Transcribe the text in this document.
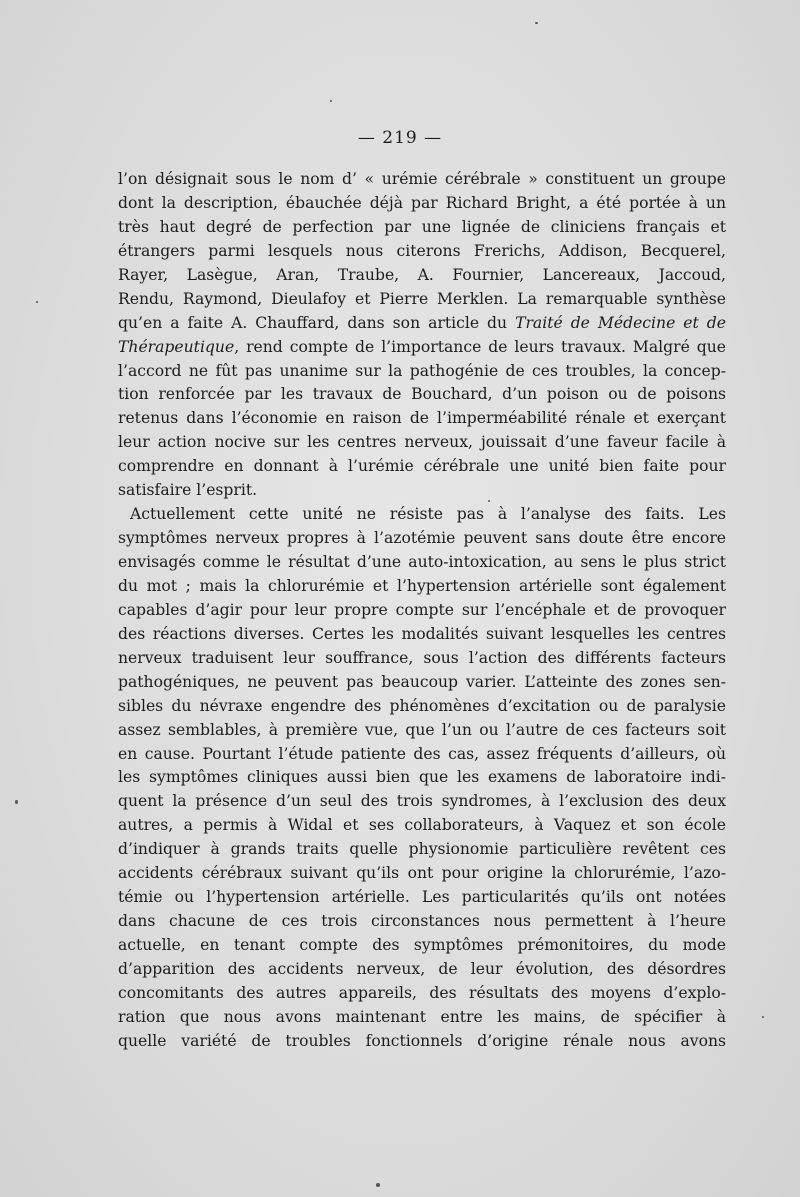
— 219 —
l’on désignait sous le nom d’ « urémie cérébrale » constituent un groupe
dont la description, ébauchée déjà par Richard Bright, a été portée à un
très haut degré de perfection par une lignée de cliniciens français et
étrangers parmi lesquels nous citerons Frerichs, Addison, Becquerel,
Rayer, Lasègue, Aran, Traube, A. Fournier, Lancereaux, Jaccoud,
Rendu, Raymond, Dieulafoy et Pierre Merklen. La remarquable synthèse
qu’en a faite A. Chauffard, dans son article du Traité de Médecine et de
Thérapeutique, rend compte de l’importance de leurs travaux. Malgré que
l’accord ne fût pas unanime sur la pathogénie de ces troubles, la concep-
tion renforcée par les travaux de Bouchard, d’un poison ou de poisons
retenus dans l’économie en raison de l’imperméabilité rénale et exerçant
leur action nocive sur les centres nerveux, jouissait d’une faveur facile à
comprendre en donnant à l’urémie cérébrale une unité bien faite pour
satisfaire l’esprit.
Actuellement cette unité ne résiste pas à l’analyse des faits. Les
symptômes nerveux propres à l’azotémie peuvent sans doute être encore
envisagés comme le résultat d’une auto-intoxication, au sens le plus strict
du mot ; mais la chlorurémie et l’hypertension artérielle sont également
capables d’agir pour leur propre compte sur l’encéphale et de provoquer
des réactions diverses. Certes les modalités suivant lesquelles les centres
nerveux traduisent leur souffrance, sous l’action des différents facteurs
pathogéniques, ne peuvent pas beaucoup varier. L’atteinte des zones sen-
sibles du névraxe engendre des phénomènes d’excitation ou de paralysie
assez semblables, à première vue, que l’un ou l’autre de ces facteurs soit
en cause. Pourtant l’étude patiente des cas, assez fréquents d’ailleurs, où
les symptômes cliniques aussi bien que les examens de laboratoire indi-
quent la présence d’un seul des trois syndromes, à l’exclusion des deux
autres, a permis à Widal et ses collaborateurs, à Vaquez et son école
d’indiquer à grands traits quelle physionomie particulière revêtent ces
accidents cérébraux suivant qu’ils ont pour origine la chlorurémie, l’azo-
témie ou l’hypertension artérielle. Les particularités qu’ils ont notées
dans chacune de ces trois circonstances nous permettent à l’heure
actuelle, en tenant compte des symptômes prémonitoires, du mode
d’apparition des accidents nerveux, de leur évolution, des désordres
concomitants des autres appareils, des résultats des moyens d’explo-
ration que nous avons maintenant entre les mains, de spécifier à
quelle variété de troubles fonctionnels d’origine rénale nous avons
